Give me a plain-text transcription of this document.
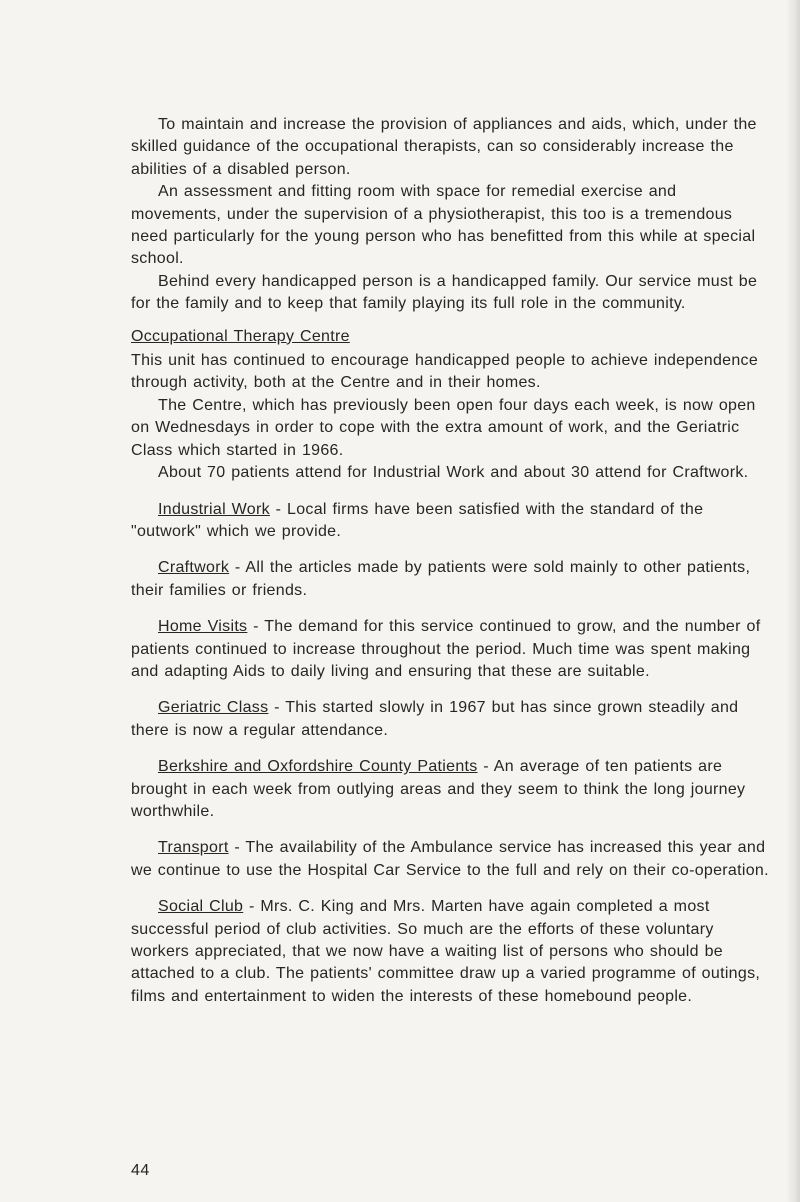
To maintain and increase the provision of appliances and aids, which, under the skilled guidance of the occupational therapists, can so considerably increase the abilities of a disabled person.

An assessment and fitting room with space for remedial exercise and movements, under the supervision of a physiotherapist, this too is a tremendous need particularly for the young person who has benefitted from this while at special school.

Behind every handicapped person is a handicapped family. Our service must be for the family and to keep that family playing its full role in the community.

Occupational Therapy Centre

This unit has continued to encourage handicapped people to achieve independence through activity, both at the Centre and in their homes.

The Centre, which has previously been open four days each week, is now open on Wednesdays in order to cope with the extra amount of work, and the Geriatric Class which started in 1966.

About 70 patients attend for Industrial Work and about 30 attend for Craftwork.

Industrial Work - Local firms have been satisfied with the standard of the "outwork" which we provide.

Craftwork - All the articles made by patients were sold mainly to other patients, their families or friends.

Home Visits - The demand for this service continued to grow, and the number of patients continued to increase throughout the period. Much time was spent making and adapting Aids to daily living and ensuring that these are suitable.

Geriatric Class - This started slowly in 1967 but has since grown steadily and there is now a regular attendance.

Berkshire and Oxfordshire County Patients - An average of ten patients are brought in each week from outlying areas and they seem to think the long journey worthwhile.

Transport - The availability of the Ambulance service has increased this year and we continue to use the Hospital Car Service to the full and rely on their co-operation.

Social Club - Mrs. C. King and Mrs. Marten have again completed a most successful period of club activities. So much are the efforts of these voluntary workers appreciated, that we now have a waiting list of persons who should be attached to a club. The patients' committee draw up a varied programme of outings, films and entertainment to widen the interests of these homebound people.

44
